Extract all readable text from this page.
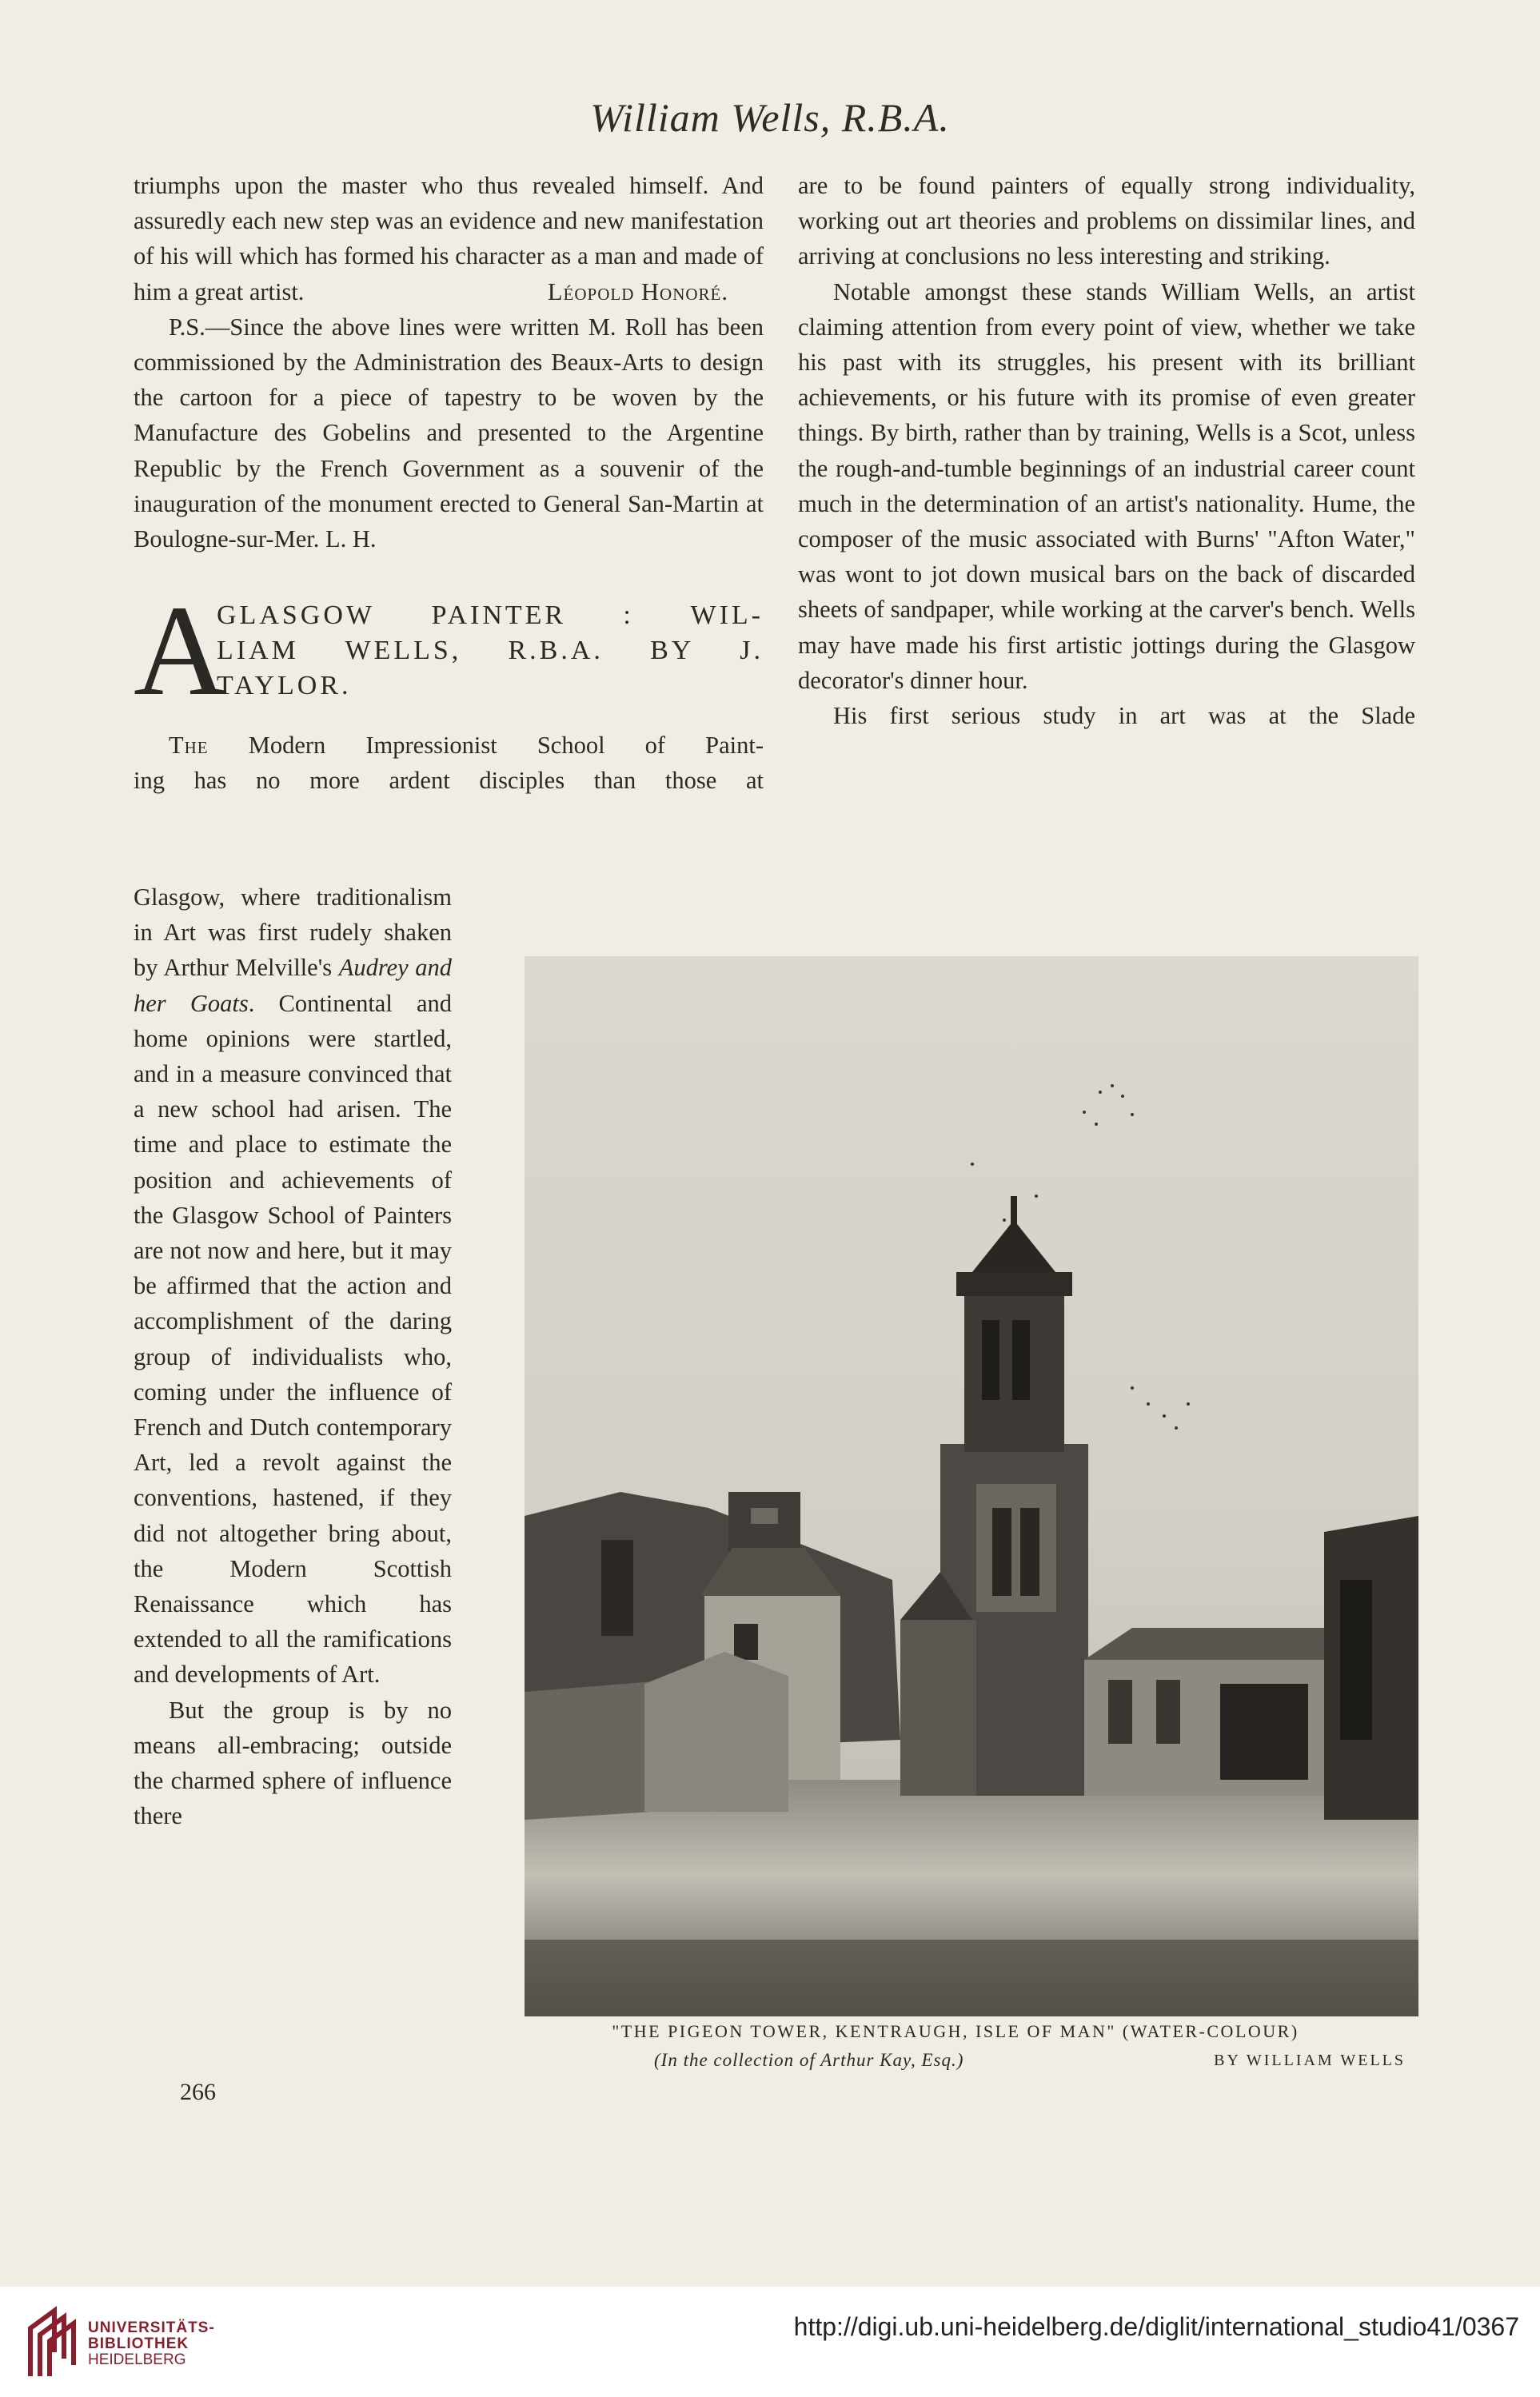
William Wells, R.B.A.

triumphs upon the master who thus revealed himself. And assuredly each new step was an evidence and new manifestation of his will which has formed his character as a man and made of him a great artist.	Léopold Honoré.

P.S.—Since the above lines were written M. Roll has been commissioned by the Administration des Beaux-Arts to design the cartoon for a piece of tapestry to be woven by the Manufacture des Gobelins and presented to the Argentine Republic by the French Government as a souvenir of the inauguration of the monument erected to General San-Martin at Boulogne-sur-Mer. L. H.

A
GLASGOW PAINTER : WIL-
LIAM WELLS, R.B.A. BY J.
TAYLOR.

The Modern Impressionist School of Paint-

ing has no more ardent disciples than those at

Glasgow, where traditionalism in Art was first rudely shaken by Arthur Melville's Audrey and her Goats. Continental and home opinions were startled, and in a measure convinced that a new school had arisen. The time and place to estimate the position and achievements of the Glasgow School of Painters are not now and here, but it may be affirmed that the action and accomplishment of the daring group of individualists who, coming under the influence of French and Dutch contemporary Art, led a revolt against the conventions, hastened, if they did not altogether bring about, the Modern Scottish Renaissance which has extended to all the ramifications and developments of Art.

But the group is by no means all-embracing; outside the charmed sphere of influence there

266

are to be found painters of equally strong individuality, working out art theories and problems on dissimilar lines, and arriving at conclusions no less interesting and striking.

Notable amongst these stands William Wells, an artist claiming attention from every point of view, whether we take his past with its struggles, his present with its brilliant achievements, or his future with its promise of even greater things. By birth, rather than by training, Wells is a Scot, unless the rough-and-tumble beginnings of an industrial career count much in the determination of an artist's nationality. Hume, the composer of the music associated with Burns' "Afton Water," was wont to jot down musical bars on the back of discarded sheets of sandpaper, while working at the carver's bench. Wells may have made his first artistic jottings during the Glasgow decorator's dinner hour.

His first serious study in art was at the Slade

"THE PIGEON TOWER, KENTRAUGH, ISLE OF MAN" (WATER-COLOUR)
(In the collection of Arthur Kay, Esq.)	BY WILLIAM WELLS
UNIVERSITÄTS-
BIBLIOTHEK
HEIDELBERG
http://digi.ub.uni-heidelberg.de/diglit/international_studio41/0367
